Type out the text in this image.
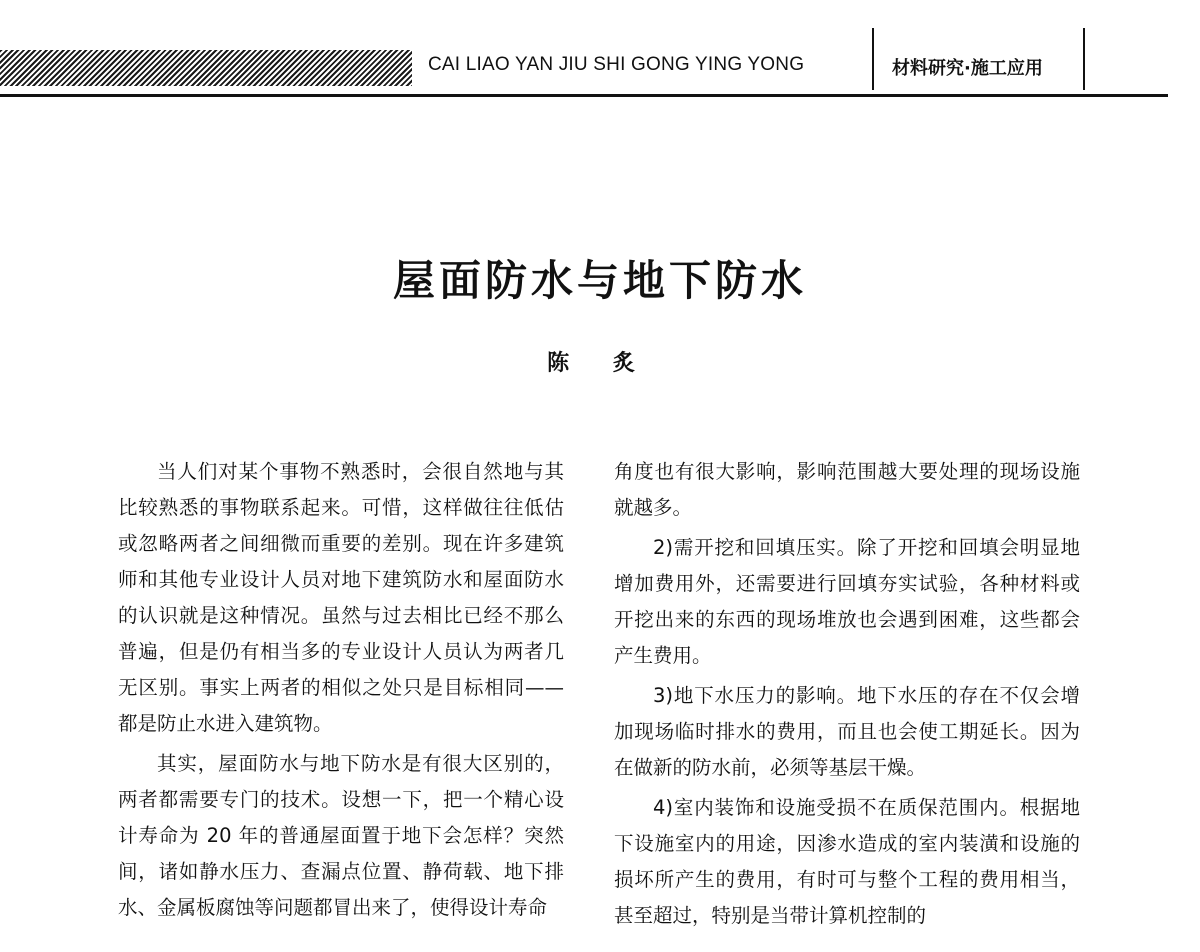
CAI LIAO YAN JIU SHI GONG YING YONG	材料研究·施工应用
屋面防水与地下防水
陈 炙

当人们对某个事物不熟悉时，会很自然地与其比较熟悉的事物联系起来。可惜，这样做往往低估或忽略两者之间细微而重要的差别。现在许多建筑师和其他专业设计人员对地下建筑防水和屋面防水的认识就是这种情况。虽然与过去相比已经不那么普遍，但是仍有相当多的专业设计人员认为两者几无区别。事实上两者的相似之处只是目标相同——都是防止水进入建筑物。

其实，屋面防水与地下防水是有很大区别的，两者都需要专门的技术。设想一下，把一个精心设计寿命为 20 年的普通屋面置于地下会怎样？突然间，诸如静水压力、查漏点位置、静荷载、地下排水、金属板腐蚀等问题都冒出来了，使得设计寿命

角度也有很大影响，影响范围越大要处理的现场设施就越多。

2)需开挖和回填压实。除了开挖和回填会明显地增加费用外，还需要进行回填夯实试验，各种材料或开挖出来的东西的现场堆放也会遇到困难，这些都会产生费用。

3)地下水压力的影响。地下水压的存在不仅会增加现场临时排水的费用，而且也会使工期延长。因为在做新的防水前，必须等基层干燥。

4)室内装饰和设施受损不在质保范围内。根据地下设施室内的用途，因渗水造成的室内装潢和设施的损坏所产生的费用，有时可与整个工程的费用相当，甚至超过，特别是当带计算机控制的
